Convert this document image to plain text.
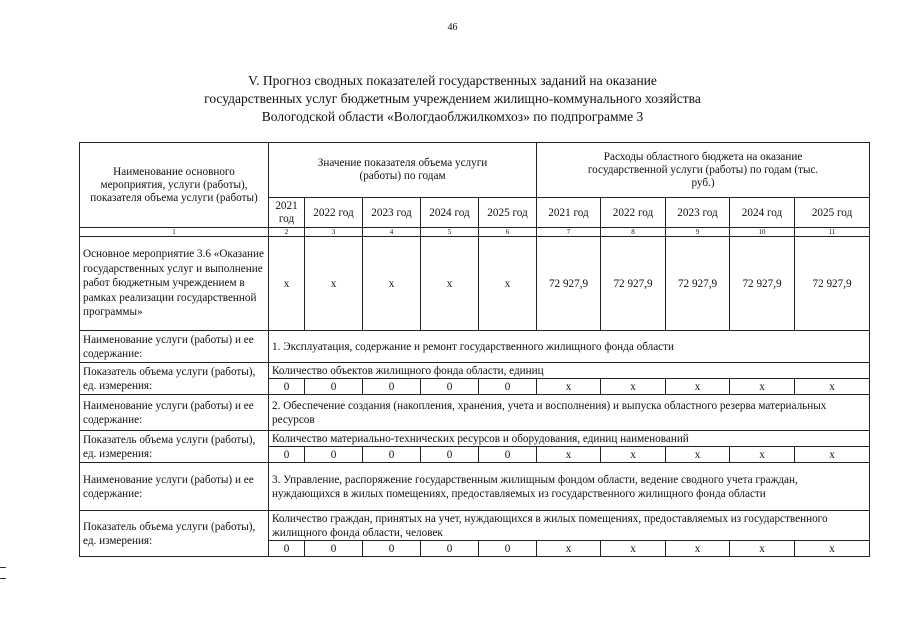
46
V. Прогноз сводных показателей государственных заданий на оказание
государственных услуг бюджетным учреждением жилищно-коммунального хозяйства
Вологодской области «Вологдаоблжилкомхоз» по подпрограмме 3
Наименование основного мероприятия, услуги (работы), показателя объема услуги (работы)	Значение показателя объема услуги (работы) по годам					Расходы областного бюджета на оказание государственной услуги (работы) по годам (тыс. руб.)				
	2021 год	2022 год	2023 год	2024 год	2025 год	2021 год	2022 год	2023 год	2024 год	2025 год
1	2	3	4	5	6	7	8	9	10	11
Основное мероприятие 3.6 «Оказание государственных услуг и выполнение работ бюджетным учреждением в рамках реализации государственной программы»	х	х	х	х	х	72 927,9	72 927,9	72 927,9	72 927,9	72 927,9
Наименование услуги (работы) и ее содержание:	1. Эксплуатация, содержание и ремонт государственного жилищного фонда области									
Показатель объема услуги (работы), ед. измерения:	Количество объектов жилищного фонда области, единиц									
	0	0	0	0	0	х	х	х	х	х
Наименование услуги (работы) и ее содержание:	2. Обеспечение создания (накопления, хранения, учета и восполнения) и выпуска областного резерва материальных ресурсов									
Показатель объема услуги (работы), ед. измерения:	Количество материально-технических ресурсов и оборудования, единиц наименований									
	0	0	0	0	0	х	х	х	х	х
Наименование услуги (работы) и ее содержание:	3. Управление, распоряжение государственным жилищным фондом области, ведение сводного учета граждан, нуждающихся в жилых помещениях, предоставляемых из государственного жилищного фонда области									
Показатель объема услуги (работы), ед. измерения:	Количество граждан, принятых на учет, нуждающихся в жилых помещениях, предоставляемых из государственного жилищного фонда области, человек									
	0	0	0	0	0	х	х	х	х	х
